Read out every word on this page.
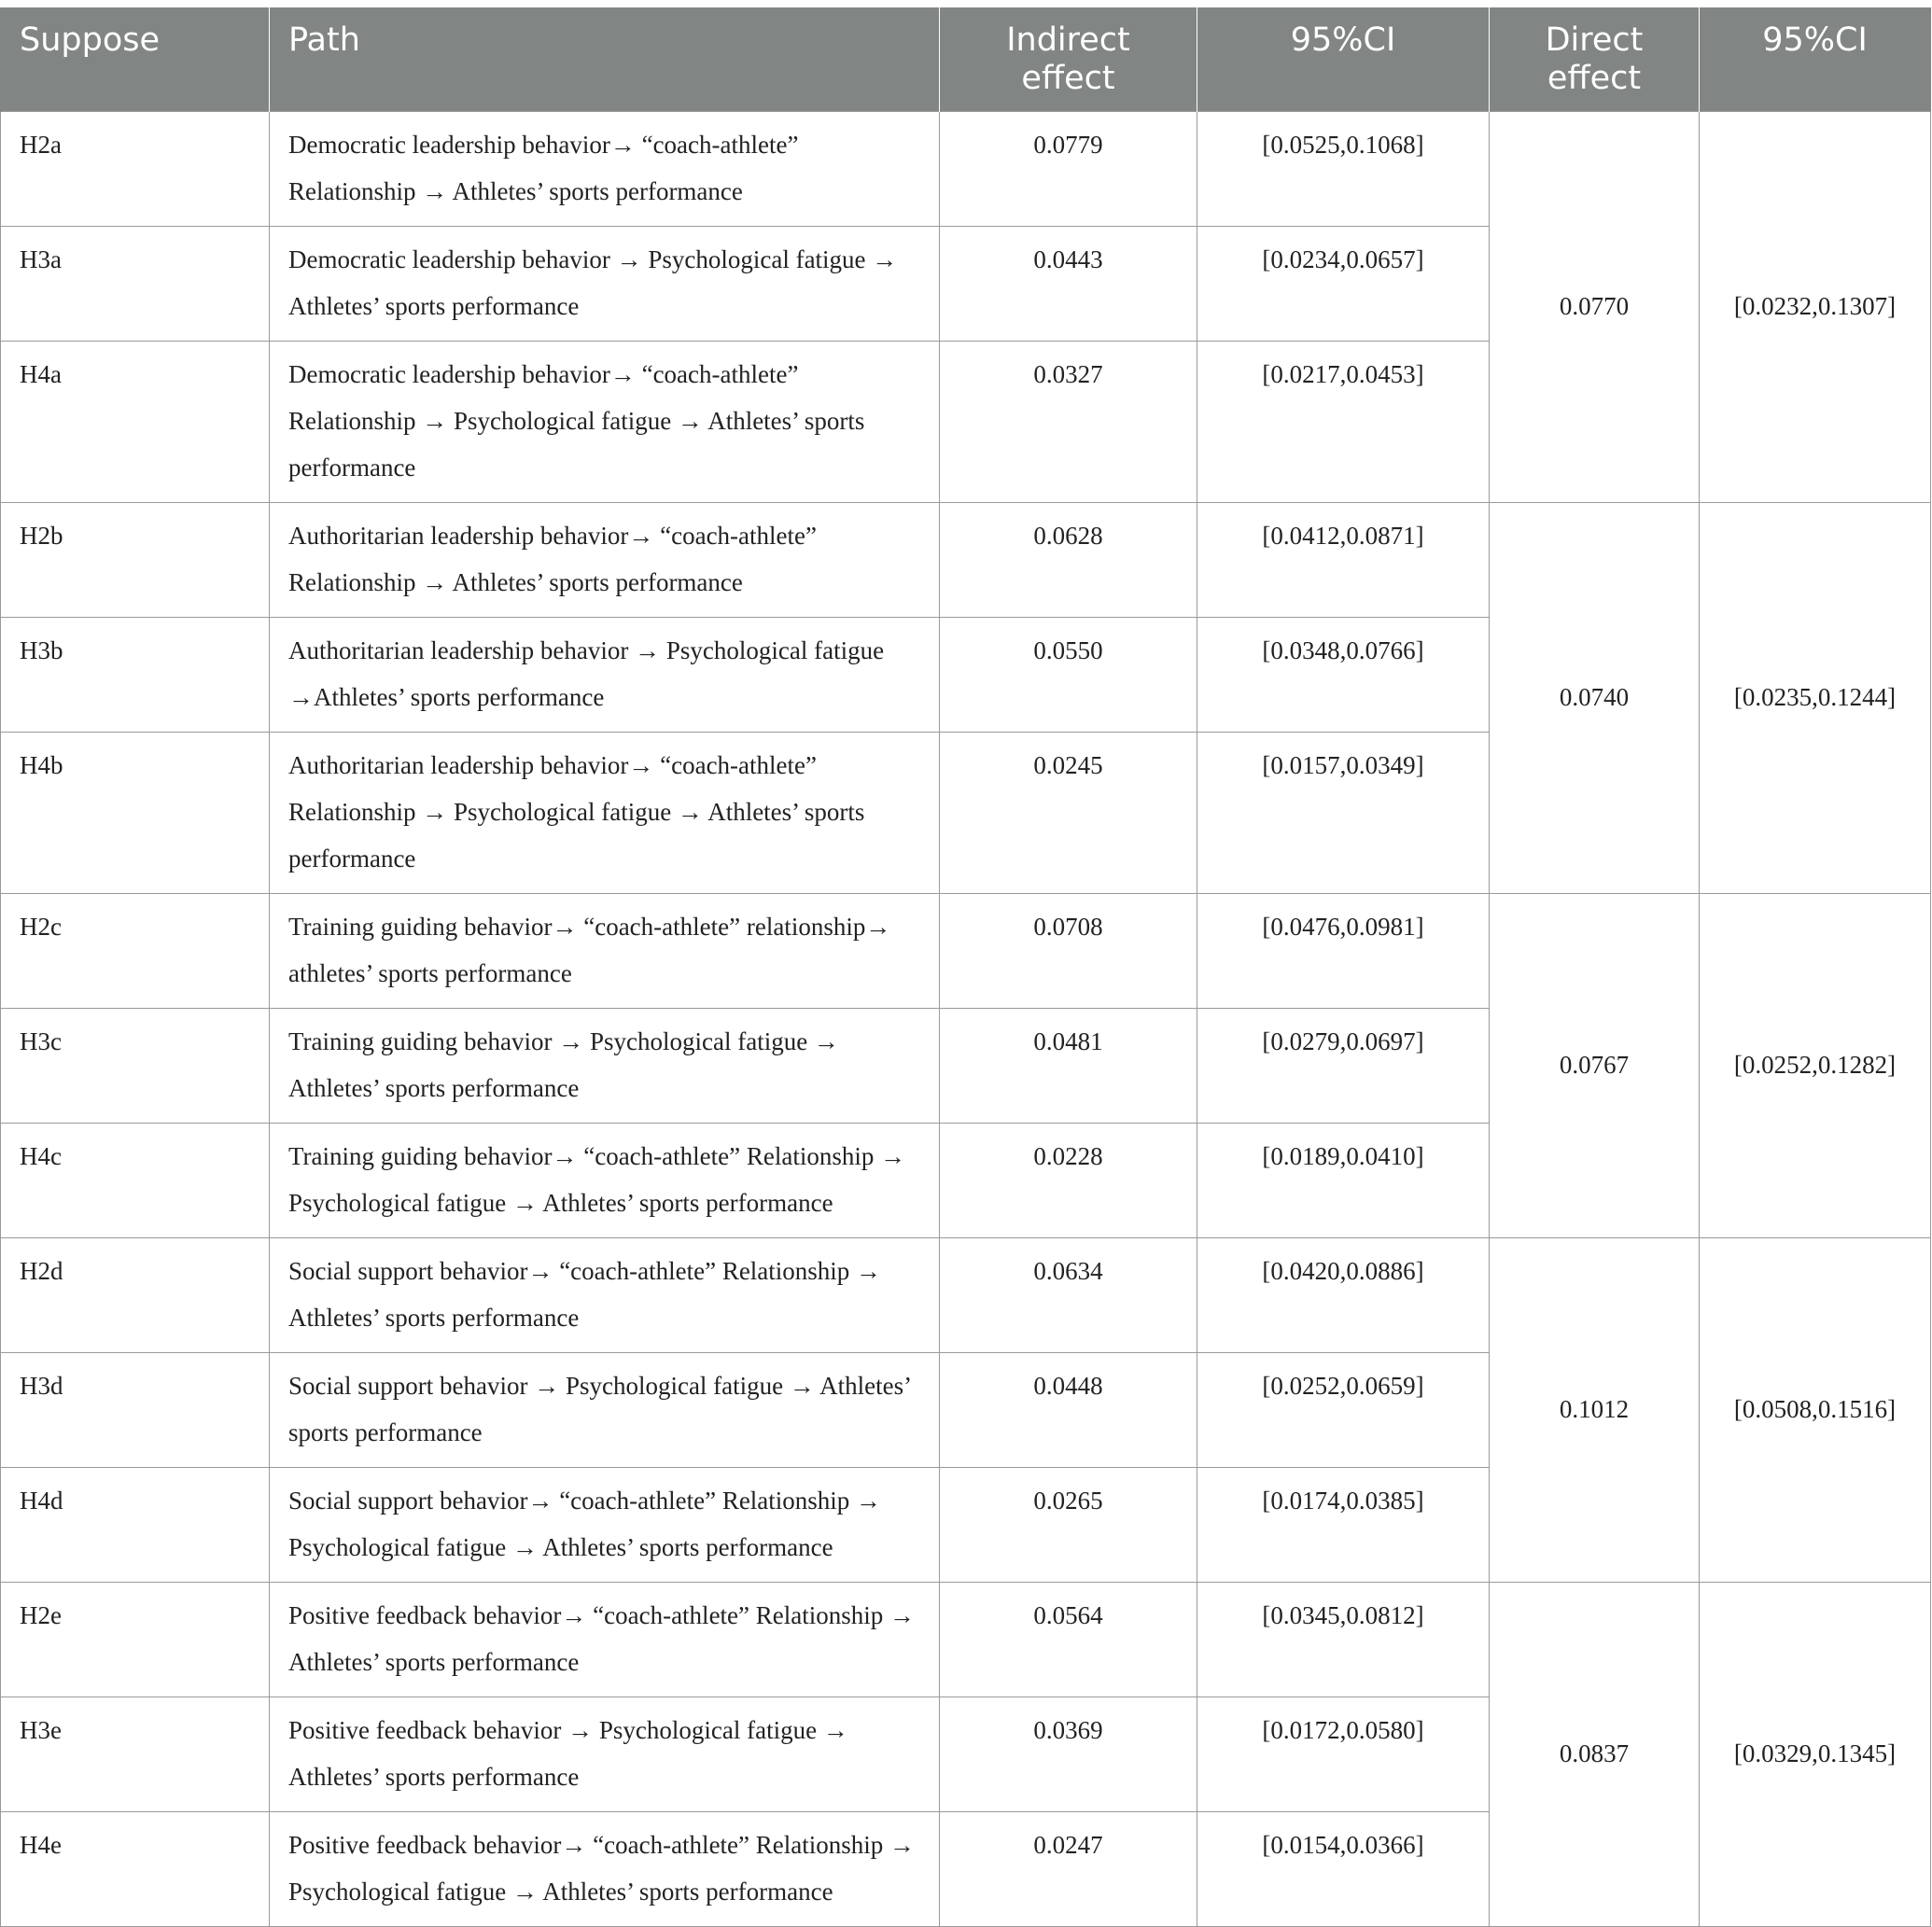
Suppose	Path	Indirect effect	95%CI	Direct effect	95%CI
H2a	Democratic leadership behavior→ “coach-athlete” Relationship → Athletes’ sports performance	0.0779	[0.0525,0.1068]	0.0770	[0.0232,0.1307]
H3a	Democratic leadership behavior → Psychological fatigue → Athletes’ sports performance	0.0443	[0.0234,0.0657]		
H4a	Democratic leadership behavior→ “coach-athlete” Relationship → Psychological fatigue → Athletes’ sports performance	0.0327	[0.0217,0.0453]		
H2b	Authoritarian leadership behavior→ “coach-athlete” Relationship → Athletes’ sports performance	0.0628	[0.0412,0.0871]	0.0740	[0.0235,0.1244]
H3b	Authoritarian leadership behavior → Psychological fatigue →Athletes’ sports performance	0.0550	[0.0348,0.0766]		
H4b	Authoritarian leadership behavior→ “coach-athlete” Relationship → Psychological fatigue → Athletes’ sports performance	0.0245	[0.0157,0.0349]		
H2c	Training guiding behavior→ “coach-athlete” relationship→ athletes’ sports performance	0.0708	[0.0476,0.0981]	0.0767	[0.0252,0.1282]
H3c	Training guiding behavior → Psychological fatigue → Athletes’ sports performance	0.0481	[0.0279,0.0697]		
H4c	Training guiding behavior→ “coach-athlete” Relationship → Psychological fatigue → Athletes’ sports performance	0.0228	[0.0189,0.0410]		
H2d	Social support behavior→ “coach-athlete” Relationship → Athletes’ sports performance	0.0634	[0.0420,0.0886]	0.1012	[0.0508,0.1516]
H3d	Social support behavior → Psychological fatigue → Athletes’ sports performance	0.0448	[0.0252,0.0659]		
H4d	Social support behavior→ “coach-athlete” Relationship → Psychological fatigue → Athletes’ sports performance	0.0265	[0.0174,0.0385]		
H2e	Positive feedback behavior→ “coach-athlete” Relationship → Athletes’ sports performance	0.0564	[0.0345,0.0812]	0.0837	[0.0329,0.1345]
H3e	Positive feedback behavior → Psychological fatigue → Athletes’ sports performance	0.0369	[0.0172,0.0580]		
H4e	Positive feedback behavior→ “coach-athlete” Relationship → Psychological fatigue → Athletes’ sports performance	0.0247	[0.0154,0.0366]		
